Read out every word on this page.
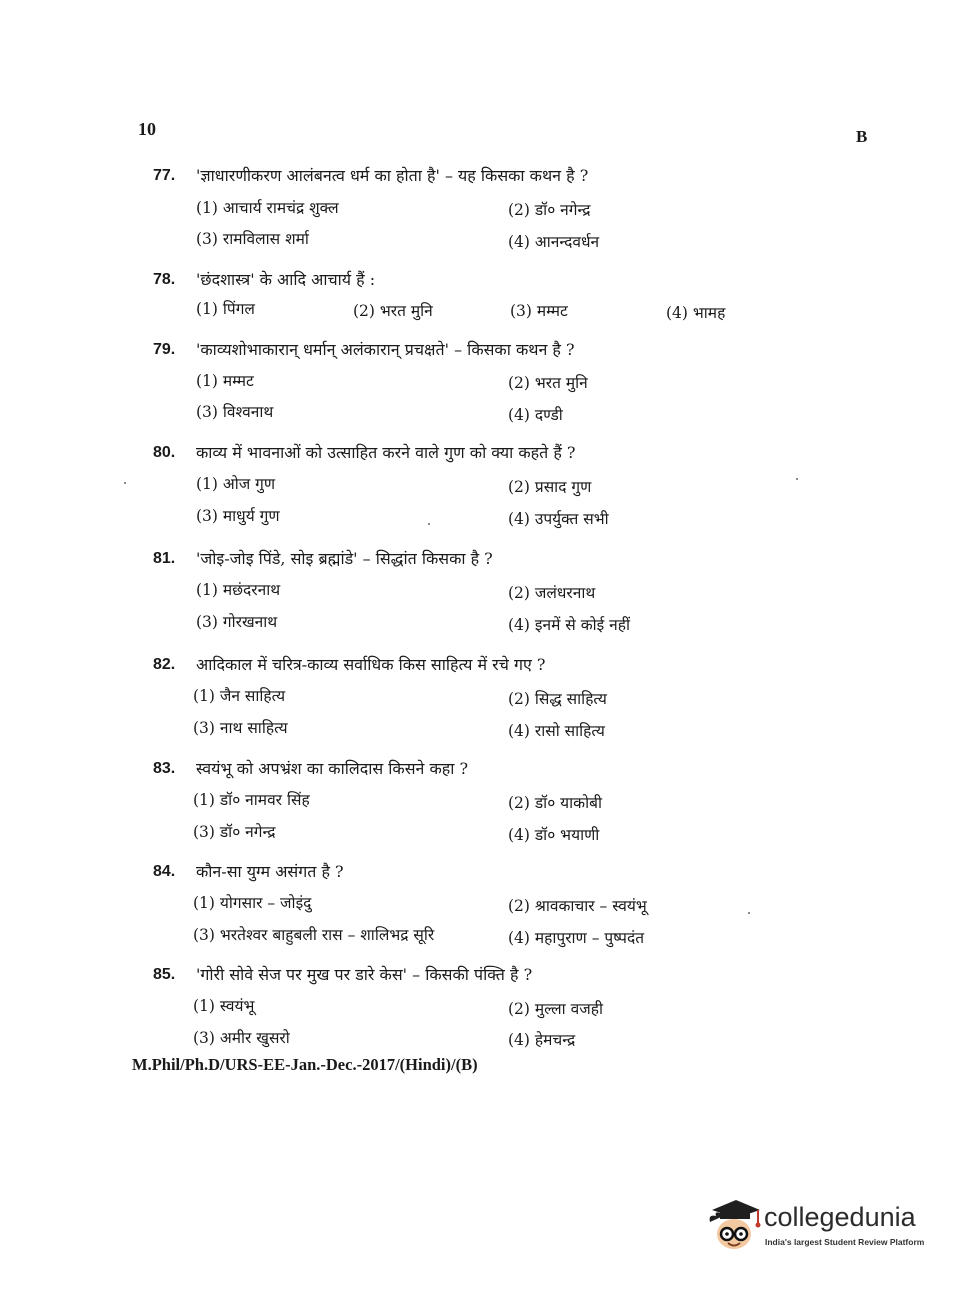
10	B
77. 'ज्ञाधारणीकरण आलंबनत्व धर्म का होता है' – यह किसका कथन है ?
(1) आचार्य रामचंद्र शुक्ल	(2) डॉ० नगेन्द्र
(3) रामविलास शर्मा	(4) आनन्दवर्धन
78. 'छंदशास्त्र' के आदि आचार्य हैं :
(1) पिंगल	(2) भरत मुनि	(3) मम्मट	(4) भामह
79. 'काव्यशोभाकारान् धर्मान् अलंकारान् प्रचक्षते' – किसका कथन है ?
(1) मम्मट	(2) भरत मुनि
(3) विश्वनाथ	(4) दण्डी
80. काव्य में भावनाओं को उत्साहित करने वाले गुण को क्या कहते हैं ?
(1) ओज गुण	(2) प्रसाद गुण
(3) माधुर्य गुण	(4) उपर्युक्त सभी
81. 'जोइ-जोइ पिंडे, सोइ ब्रह्मांडे' – सिद्धांत किसका है ?
(1) मछंदरनाथ	(2) जलंधरनाथ
(3) गोरखनाथ	(4) इनमें से कोई नहीं
82. आदिकाल में चरित्र-काव्य सर्वाधिक किस साहित्य में रचे गए ?
(1) जैन साहित्य	(2) सिद्ध साहित्य
(3) नाथ साहित्य	(4) रासो साहित्य
83. स्वयंभू को अपभ्रंश का कालिदास किसने कहा ?
(1) डॉ० नामवर सिंह	(2) डॉ० याकोबी
(3) डॉ० नगेन्द्र	(4) डॉ० भयाणी
84. कौन-सा युग्म असंगत है ?
(1) योगसार – जोइंदु	(2) श्रावकाचार – स्वयंभू
(3) भरतेश्वर बाहुबली रास – शालिभद्र सूरि	(4) महापुराण – पुष्पदंत
85. 'गोरी सोवे सेज पर मुख पर डारे केस' – किसकी पंक्ति है ?
(1) स्वयंभू	(2) मुल्ला वजही
(3) अमीर खुसरो	(4) हेमचन्द्र
M.Phil/Ph.D/URS-EE-Jan.-Dec.-2017/(Hindi)/(B)
collegedunia
India's largest Student Review Platform
